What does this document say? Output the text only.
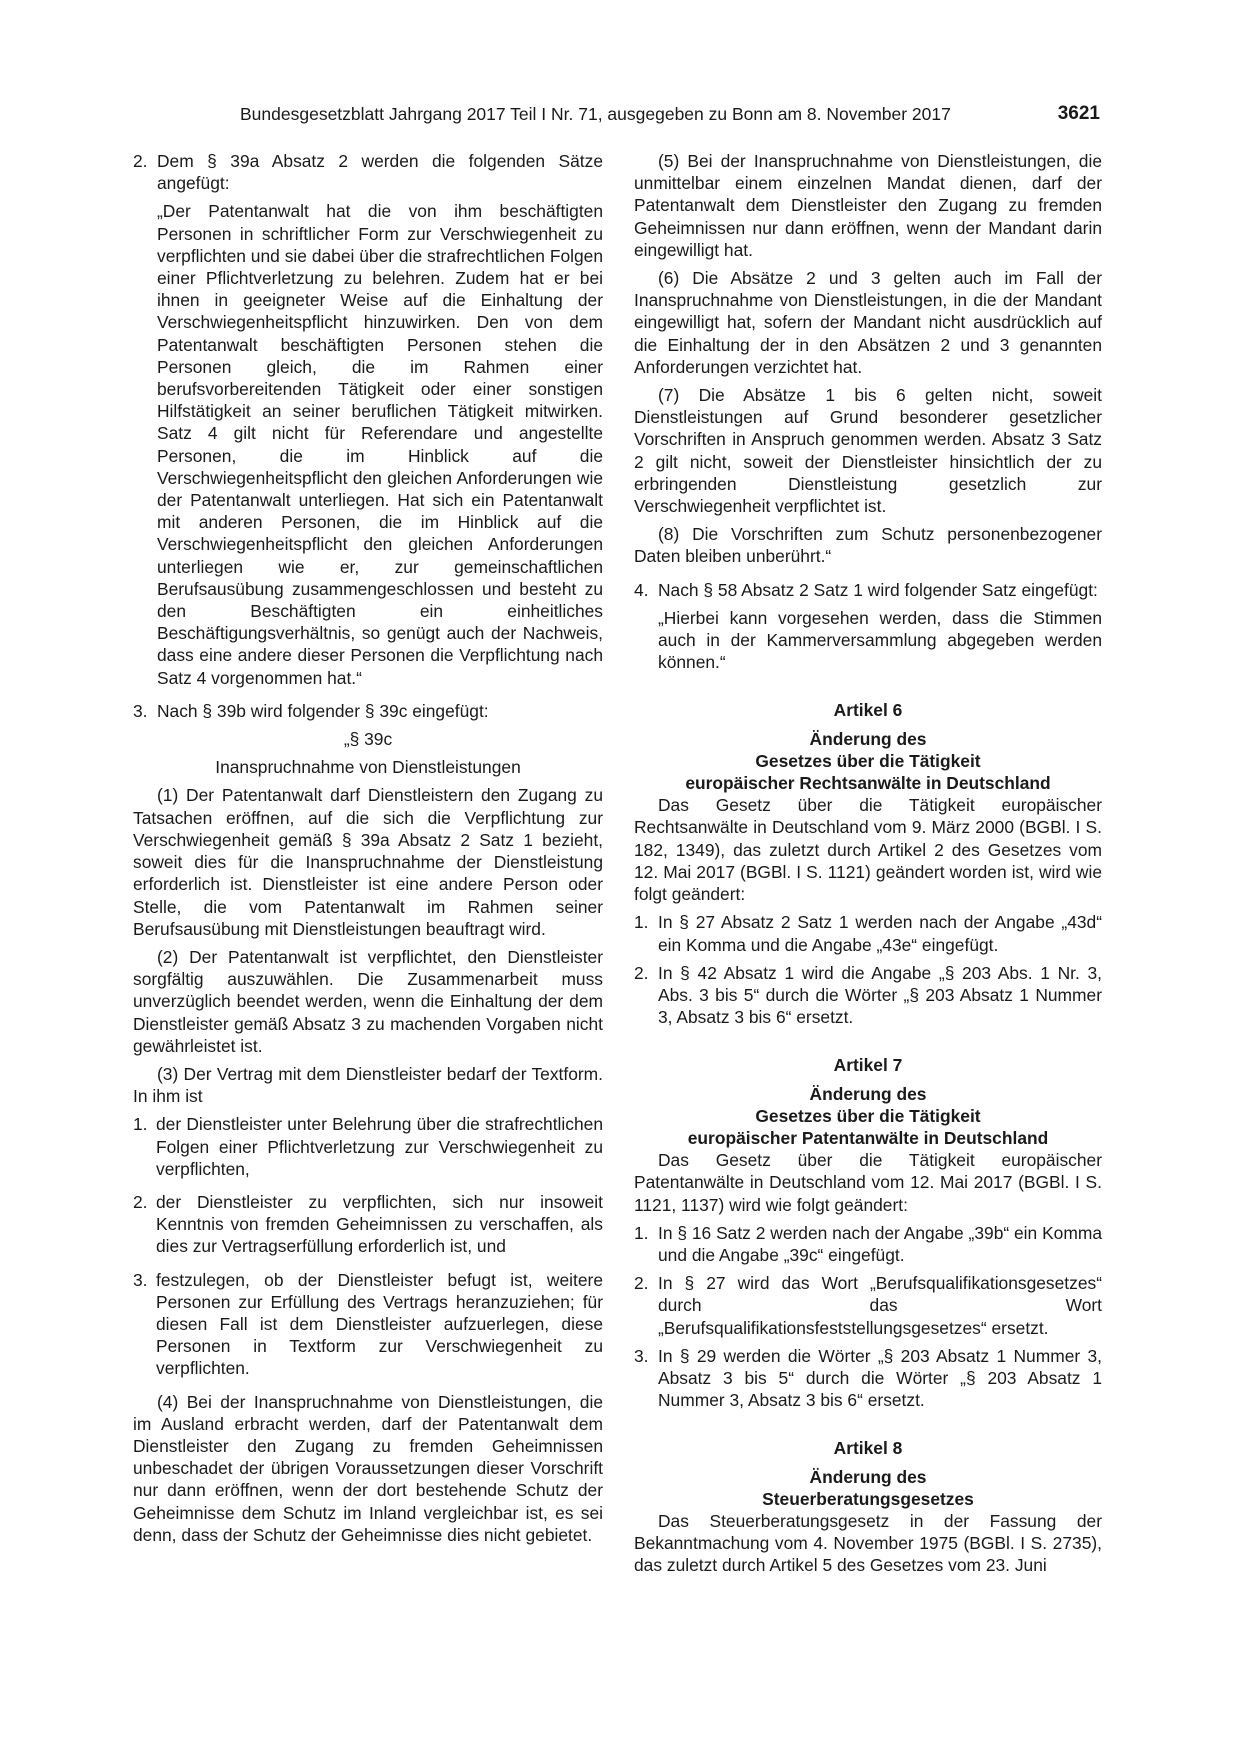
Bundesgesetzblatt Jahrgang 2017 Teil I Nr. 71, ausgegeben zu Bonn am 8. November 2017	3621
2. Dem § 39a Absatz 2 werden die folgenden Sätze angefügt:

„Der Patentanwalt hat die von ihm beschäftigten Personen in schriftlicher Form zur Verschwiegenheit zu verpflichten und sie dabei über die strafrechtlichen Folgen einer Pflichtverletzung zu belehren. Zudem hat er bei ihnen in geeigneter Weise auf die Einhaltung der Verschwiegenheitspflicht hinzuwirken. Den von dem Patentanwalt beschäftigten Personen stehen die Personen gleich, die im Rahmen einer berufsvorbereitenden Tätigkeit oder einer sonstigen Hilfstätigkeit an seiner beruflichen Tätigkeit mitwirken. Satz 4 gilt nicht für Referendare und angestellte Personen, die im Hinblick auf die Verschwiegenheitspflicht den gleichen Anforderungen wie der Patentanwalt unterliegen. Hat sich ein Patentanwalt mit anderen Personen, die im Hinblick auf die Verschwiegenheitspflicht den gleichen Anforderungen unterliegen wie er, zur gemeinschaftlichen Berufsausübung zusammengeschlossen und besteht zu den Beschäftigten ein einheitliches Beschäftigungsverhältnis, so genügt auch der Nachweis, dass eine andere dieser Personen die Verpflichtung nach Satz 4 vorgenommen hat.“

3. Nach § 39b wird folgender § 39c eingefügt:

„§ 39c

Inanspruchnahme von Dienstleistungen

(1) Der Patentanwalt darf Dienstleistern den Zugang zu Tatsachen eröffnen, auf die sich die Verpflichtung zur Verschwiegenheit gemäß § 39a Absatz 2 Satz 1 bezieht, soweit dies für die Inanspruchnahme der Dienstleistung erforderlich ist. Dienstleister ist eine andere Person oder Stelle, die vom Patentanwalt im Rahmen seiner Berufsausübung mit Dienstleistungen beauftragt wird.

(2) Der Patentanwalt ist verpflichtet, den Dienstleister sorgfältig auszuwählen. Die Zusammenarbeit muss unverzüglich beendet werden, wenn die Einhaltung der dem Dienstleister gemäß Absatz 3 zu machenden Vorgaben nicht gewährleistet ist.

(3) Der Vertrag mit dem Dienstleister bedarf der Textform. In ihm ist

1. der Dienstleister unter Belehrung über die strafrechtlichen Folgen einer Pflichtverletzung zur Verschwiegenheit zu verpflichten,

2. der Dienstleister zu verpflichten, sich nur insoweit Kenntnis von fremden Geheimnissen zu verschaffen, als dies zur Vertragserfüllung erforderlich ist, und

3. festzulegen, ob der Dienstleister befugt ist, weitere Personen zur Erfüllung des Vertrags heranzuziehen; für diesen Fall ist dem Dienstleister aufzuerlegen, diese Personen in Textform zur Verschwiegenheit zu verpflichten.

(4) Bei der Inanspruchnahme von Dienstleistungen, die im Ausland erbracht werden, darf der Patentanwalt dem Dienstleister den Zugang zu fremden Geheimnissen unbeschadet der übrigen Voraussetzungen dieser Vorschrift nur dann eröffnen, wenn der dort bestehende Schutz der Geheimnisse dem Schutz im Inland vergleichbar ist, es sei denn, dass der Schutz der Geheimnisse dies nicht gebietet.

(5) Bei der Inanspruchnahme von Dienstleistungen, die unmittelbar einem einzelnen Mandat dienen, darf der Patentanwalt dem Dienstleister den Zugang zu fremden Geheimnissen nur dann eröffnen, wenn der Mandant darin eingewilligt hat.

(6) Die Absätze 2 und 3 gelten auch im Fall der Inanspruchnahme von Dienstleistungen, in die der Mandant eingewilligt hat, sofern der Mandant nicht ausdrücklich auf die Einhaltung der in den Absätzen 2 und 3 genannten Anforderungen verzichtet hat.

(7) Die Absätze 1 bis 6 gelten nicht, soweit Dienstleistungen auf Grund besonderer gesetzlicher Vorschriften in Anspruch genommen werden. Absatz 3 Satz 2 gilt nicht, soweit der Dienstleister hinsichtlich der zu erbringenden Dienstleistung gesetzlich zur Verschwiegenheit verpflichtet ist.

(8) Die Vorschriften zum Schutz personenbezogener Daten bleiben unberührt.“

4. Nach § 58 Absatz 2 Satz 1 wird folgender Satz eingefügt:

„Hierbei kann vorgesehen werden, dass die Stimmen auch in der Kammerversammlung abgegeben werden können.“

Artikel 6

Änderung des

Gesetzes über die Tätigkeit

europäischer Rechtsanwälte in Deutschland

Das Gesetz über die Tätigkeit europäischer Rechtsanwälte in Deutschland vom 9. März 2000 (BGBl. I S. 182, 1349), das zuletzt durch Artikel 2 des Gesetzes vom 12. Mai 2017 (BGBl. I S. 1121) geändert worden ist, wird wie folgt geändert:

1. In § 27 Absatz 2 Satz 1 werden nach der Angabe „43d“ ein Komma und die Angabe „43e“ eingefügt.

2. In § 42 Absatz 1 wird die Angabe „§ 203 Abs. 1 Nr. 3, Abs. 3 bis 5“ durch die Wörter „§ 203 Absatz 1 Nummer 3, Absatz 3 bis 6“ ersetzt.

Artikel 7

Änderung des

Gesetzes über die Tätigkeit

europäischer Patentanwälte in Deutschland

Das Gesetz über die Tätigkeit europäischer Patentanwälte in Deutschland vom 12. Mai 2017 (BGBl. I S. 1121, 1137) wird wie folgt geändert:

1. In § 16 Satz 2 werden nach der Angabe „39b“ ein Komma und die Angabe „39c“ eingefügt.

2. In § 27 wird das Wort „Berufsqualifikationsgesetzes“ durch das Wort „Berufsqualifikationsfeststellungsgesetzes“ ersetzt.

3. In § 29 werden die Wörter „§ 203 Absatz 1 Nummer 3, Absatz 3 bis 5“ durch die Wörter „§ 203 Absatz 1 Nummer 3, Absatz 3 bis 6“ ersetzt.

Artikel 8

Änderung des

Steuerberatungsgesetzes

Das Steuerberatungsgesetz in der Fassung der Bekanntmachung vom 4. November 1975 (BGBl. I S. 2735), das zuletzt durch Artikel 5 des Gesetzes vom 23. Juni
